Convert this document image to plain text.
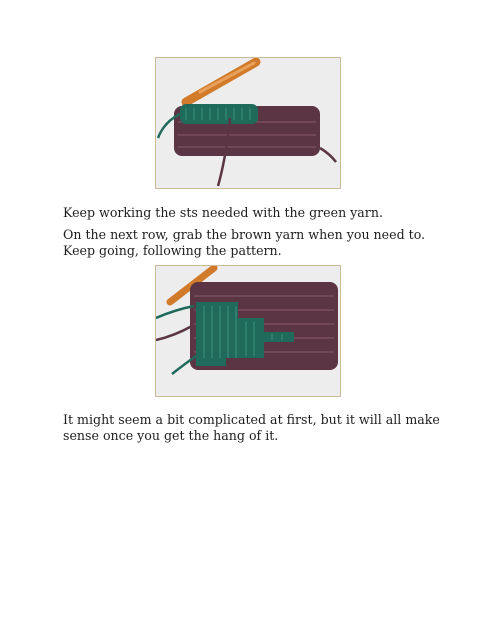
Keep working the sts needed with the green yarn.

On the next row, grab the brown yarn when you need to. Keep going, following the pattern.

It might seem a bit complicated at first, but it will all make sense once you get the hang of it.
